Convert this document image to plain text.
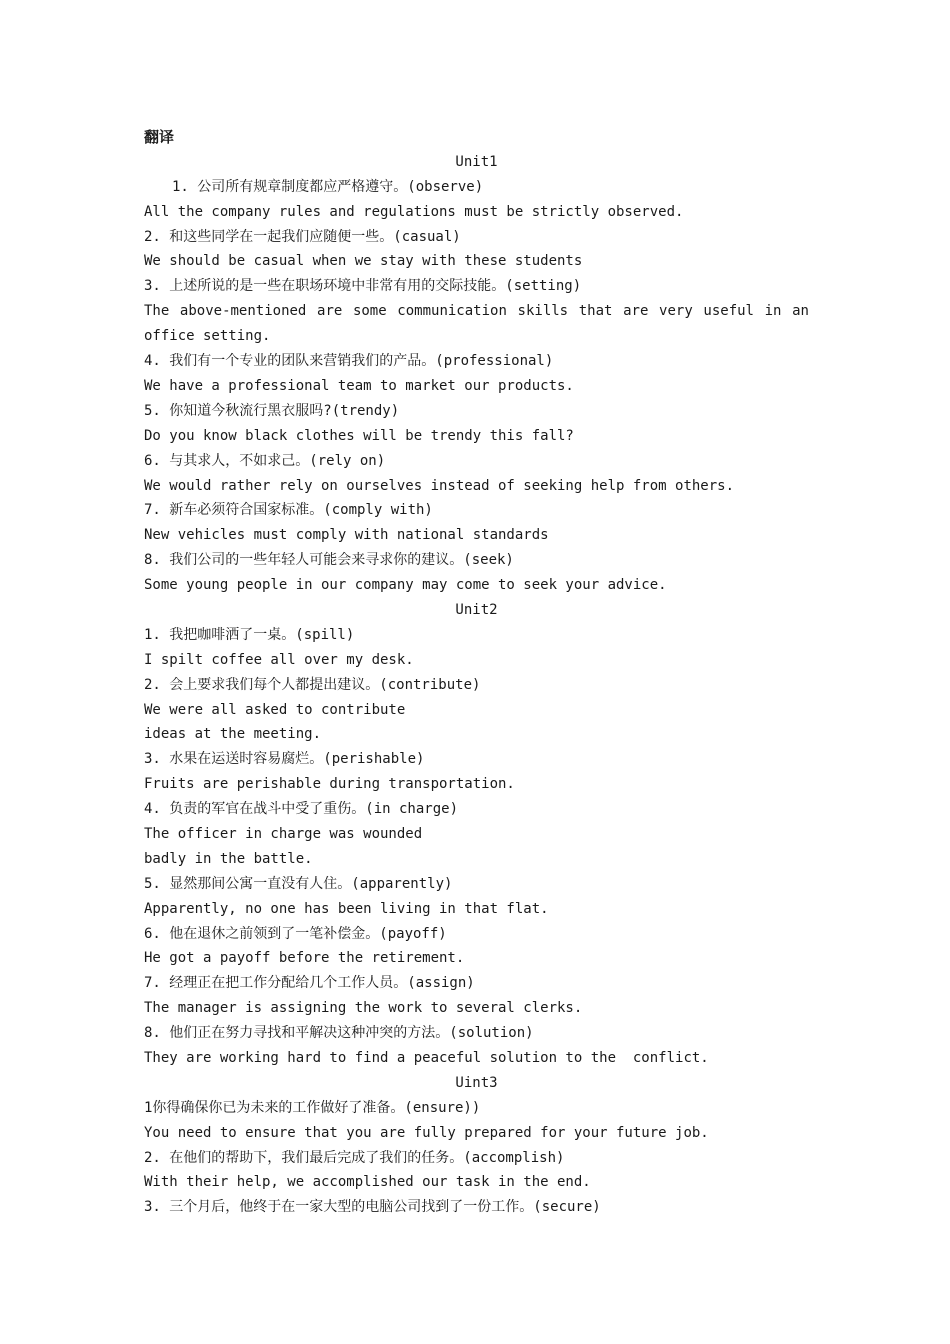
翻译
Unit1
1. 公司所有规章制度都应严格遵守。(observe)
All the company rules and regulations must be strictly observed.
2. 和这些同学在一起我们应随便一些。(casual)
We should be casual when we stay with these students
3. 上述所说的是一些在职场环境中非常有用的交际技能。(setting)
The above-mentioned are some communication skills that are very useful in an office setting.
4. 我们有一个专业的团队来营销我们的产品。(professional)
We have a professional team to market our products.
5. 你知道今秋流行黑衣服吗?(trendy)
Do you know black clothes will be trendy this fall?
6. 与其求人，不如求己。(rely on)
We would rather rely on ourselves instead of seeking help from others.
7. 新车必须符合国家标准。(comply with)
New vehicles must comply with national standards
8. 我们公司的一些年轻人可能会来寻求你的建议。(seek)
Some young people in our company may come to seek your advice.
Unit2
1. 我把咖啡洒了一桌。(spill)
I spilt coffee all over my desk.
2. 会上要求我们每个人都提出建议。(contribute)
We were all asked to contribute
ideas at the meeting.
3. 水果在运送时容易腐烂。(perishable)
Fruits are perishable during transportation.
4. 负责的军官在战斗中受了重伤。(in charge)
The officer in charge was wounded
badly in the battle.
5. 显然那间公寓一直没有人住。(apparently)
Apparently, no one has been living in that flat.
6. 他在退休之前领到了一笔补偿金。(payoff)
He got a payoff before the retirement.
7. 经理正在把工作分配给几个工作人员。(assign)
The manager is assigning the work to several clerks.
8. 他们正在努力寻找和平解决这种冲突的方法。(solution)
They are working hard to find a peaceful solution to the  conflict.
Uint3
1你得确保你已为未来的工作做好了准备。(ensure))
You need to ensure that you are fully prepared for your future job.
2. 在他们的帮助下，我们最后完成了我们的任务。(accomplish)
With their help, we accomplished our task in the end.
3. 三个月后，他终于在一家大型的电脑公司找到了一份工作。(secure)
